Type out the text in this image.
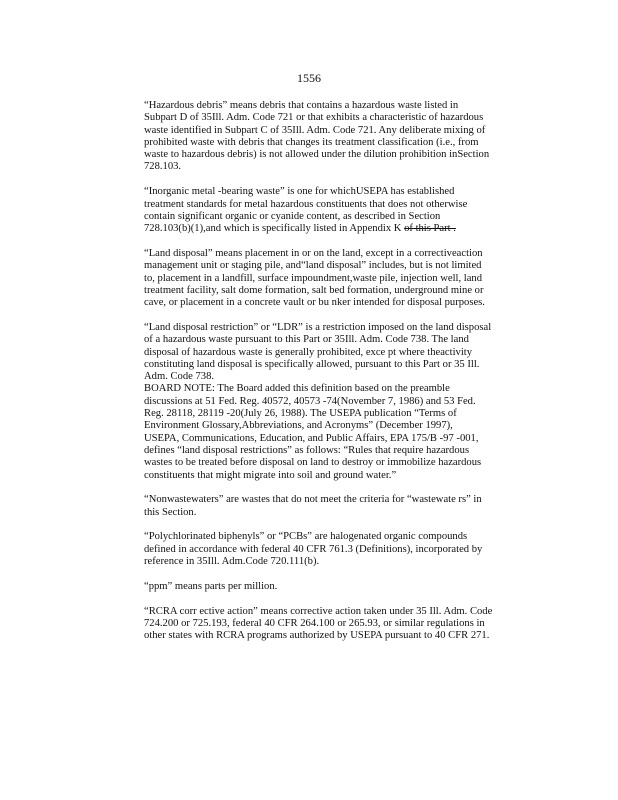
1556
“Hazardous debris” means debris that contains a hazardous waste listed in
Subpart D of 35Ill. Adm. Code 721 or that exhibits a characteristic of hazardous
waste identified in Subpart C of 35Ill. Adm. Code 721. Any deliberate mixing of
prohibited waste with debris that changes its treatment classification (i.e., from
waste to hazardous debris) is not allowed under the dilution prohibition inSection
728.103.
“Inorganic metal -bearing waste” is one for whichUSEPA has established
treatment standards for metal hazardous constituents that does not otherwise
contain significant organic or cyanide content, as described in Section
728.103(b)(1),and which is specifically listed in Appendix K of this Part .
“Land disposal” means placement in or on the land, except in a correctiveaction
management unit or staging pile, and“land disposal” includes, but is not limited
to, placement in a landfill, surface impoundment,waste pile, injection well, land
treatment facility, salt dome formation, salt bed formation, underground mine or
cave, or placement in a concrete vault or bu nker intended for disposal purposes.
“Land disposal restriction” or “LDR” is a restriction imposed on the land disposal
of a hazardous waste pursuant to this Part or 35Ill. Adm. Code 738. The land
disposal of hazardous waste is generally prohibited, exce pt where theactivity
constituting land disposal is specifically allowed, pursuant to this Part or 35 Ill.
Adm. Code 738.
BOARD NOTE: The Board added this definition based on the preamble
discussions at 51 Fed. Reg. 40572, 40573 -74(November 7, 1986) and 53 Fed.
Reg. 28118, 28119 -20(July 26, 1988). The USEPA publication “Terms of
Environment Glossary,Abbreviations, and Acronyms” (December 1997),
USEPA, Communications, Education, and Public Affairs, EPA 175/B -97 -001,
defines “land disposal restrictions” as follows: “Rules that require hazardous
wastes to be treated before disposal on land to destroy or immobilize hazardous
constituents that might migrate into soil and ground water.”
“Nonwastewaters” are wastes that do not meet the criteria for “wastewate rs” in
this Section.
“Polychlorinated biphenyls” or “PCBs” are halogenated organic compounds
defined in accordance with federal 40 CFR 761.3 (Definitions), incorporated by
reference in 35Ill. Adm.Code 720.111(b).
“ppm” means parts per million.
“RCRA corr ective action” means corrective action taken under 35 Ill. Adm. Code
724.200 or 725.193, federal 40 CFR 264.100 or 265.93, or similar regulations in
other states with RCRA programs authorized by USEPA pursuant to 40 CFR 271.
